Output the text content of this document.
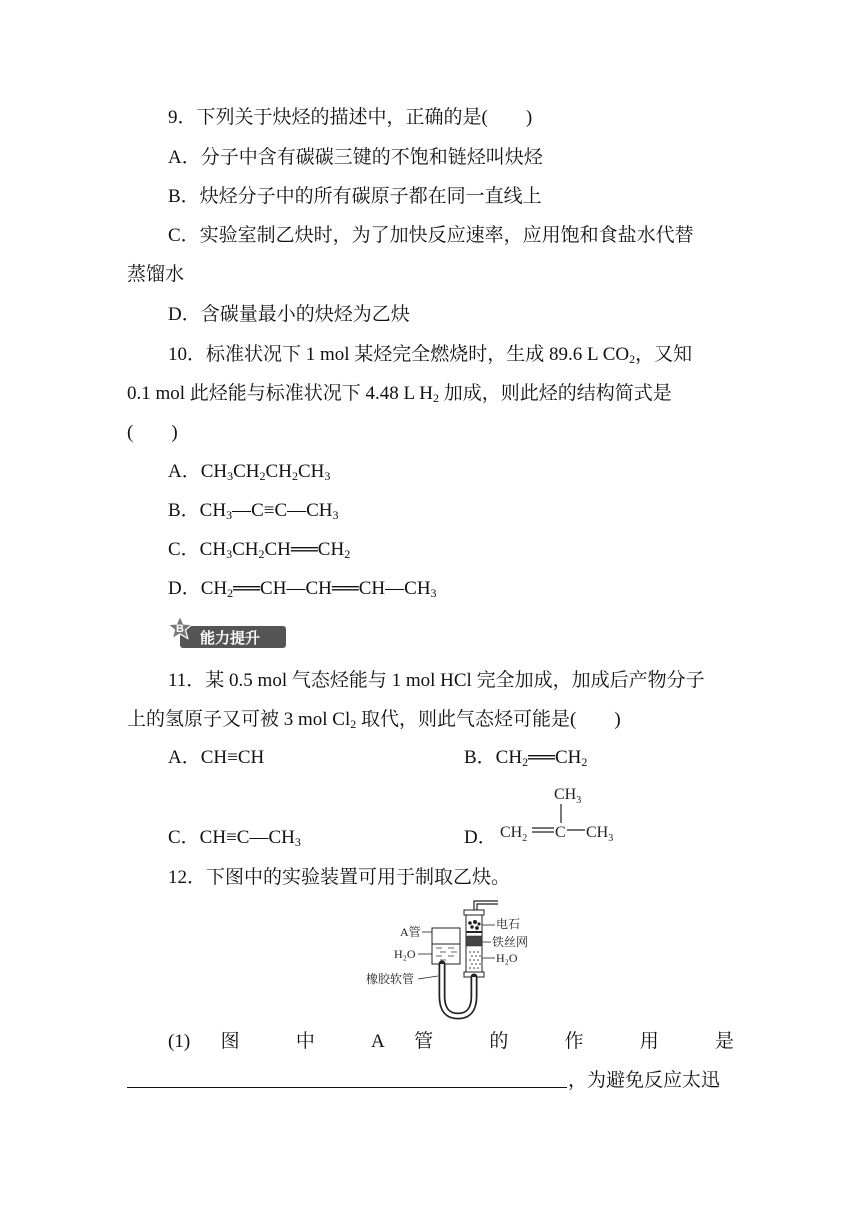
9．下列关于炔烃的描述中，正确的是(　　)
A．分子中含有碳碳三键的不饱和链烃叫炔烃
B．炔烃分子中的所有碳原子都在同一直线上
C．实验室制乙炔时，为了加快反应速率，应用饱和食盐水代替
蒸馏水
D．含碳量最小的炔烃为乙炔
10．标准状况下 1 mol 某烃完全燃烧时，生成 89.6 L $CO_2$，又知
0.1 mol 此烃能与标准状况下 4.48 L $H_2$ 加成，则此烃的结构简式是
(　　)
A．$CH_3CH_2CH_2CH_3$
B．$CH_3—C\equiv C—CH_3$
C．$CH_3CH_2CH══CH_2$
D．$CH_2══CH—CH══CH—CH_3$
B 能力提升
11．某 0.5 mol 气态烃能与 1 mol HCl 完全加成，加成后产物分子
上的氢原子又可被 3 mol $Cl_2$ 取代，则此气态烃可能是(　　)
A．CH≡CH	B．$CH_2══CH_2$
C．$CH\equiv C—CH_3$	D．
$CH_3$
$CH_2$ C $CH_3$
12．下图中的实验装置可用于制取乙炔。
A管
H₂O
橡胶软管
电石
铁丝网
H₂O
(1) 图 中 A 管 的 作 用 是
，为避免反应太迅
